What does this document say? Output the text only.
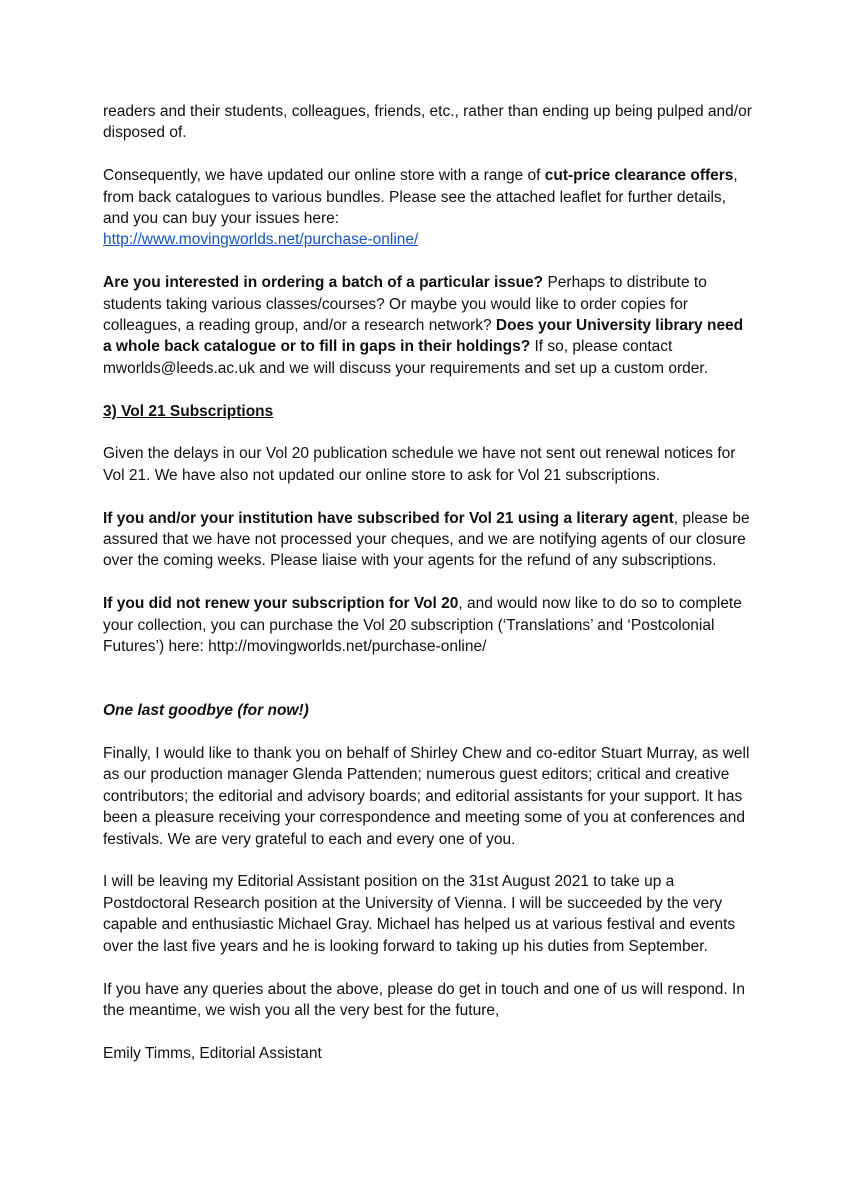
readers and their students, colleagues, friends, etc., rather than ending up being pulped and/or disposed of.

Consequently, we have updated our online store with a range of cut-price clearance offers, from back catalogues to various bundles. Please see the attached leaflet for further details, and you can buy your issues here:
http://www.movingworlds.net/purchase-online/

Are you interested in ordering a batch of a particular issue? Perhaps to distribute to students taking various classes/courses? Or maybe you would like to order copies for colleagues, a reading group, and/or a research network? Does your University library need a whole back catalogue or to fill in gaps in their holdings? If so, please contact mworlds@leeds.ac.uk and we will discuss your requirements and set up a custom order.

3) Vol 21 Subscriptions

Given the delays in our Vol 20 publication schedule we have not sent out renewal notices for Vol 21. We have also not updated our online store to ask for Vol 21 subscriptions.

If you and/or your institution have subscribed for Vol 21 using a literary agent, please be assured that we have not processed your cheques, and we are notifying agents of our closure over the coming weeks. Please liaise with your agents for the refund of any subscriptions.

If you did not renew your subscription for Vol 20, and would now like to do so to complete your collection, you can purchase the Vol 20 subscription (‘Translations’ and ‘Postcolonial Futures’) here: http://movingworlds.net/purchase-online/

One last goodbye (for now!)

Finally, I would like to thank you on behalf of Shirley Chew and co-editor Stuart Murray, as well as our production manager Glenda Pattenden; numerous guest editors; critical and creative contributors; the editorial and advisory boards; and editorial assistants for your support. It has been a pleasure receiving your correspondence and meeting some of you at conferences and festivals. We are very grateful to each and every one of you.

I will be leaving my Editorial Assistant position on the 31st August 2021 to take up a Postdoctoral Research position at the University of Vienna. I will be succeeded by the very capable and enthusiastic Michael Gray. Michael has helped us at various festival and events over the last five years and he is looking forward to taking up his duties from September.

If you have any queries about the above, please do get in touch and one of us will respond. In the meantime, we wish you all the very best for the future,

Emily Timms, Editorial Assistant
